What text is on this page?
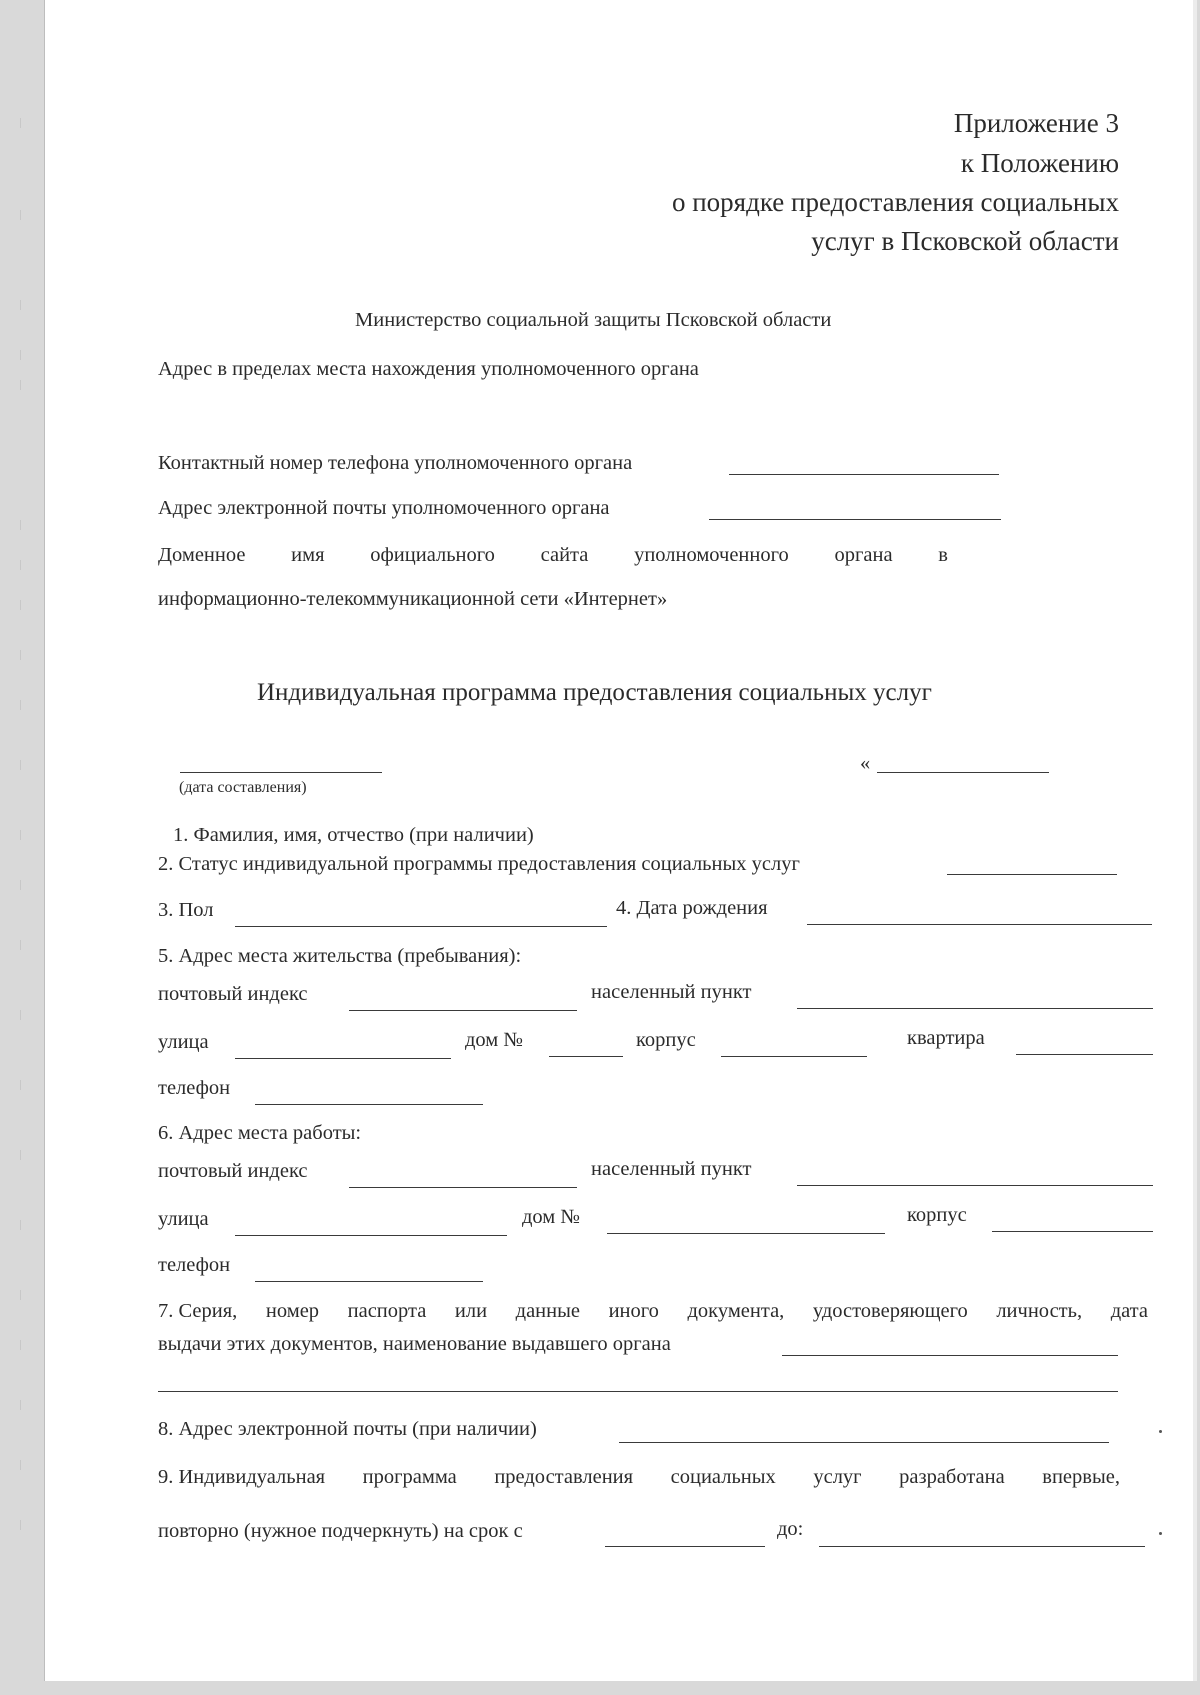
Приложение 3
к Положению
о порядке предоставления социальных
услуг в Псковской области
Министерство социальной защиты Псковской области
Адрес в пределах места нахождения уполномоченного органа
Контактный номер телефона уполномоченного органа
Адрес электронной почты уполномоченного органа
Доменное имя официального сайта уполномоченного органа в
информационно-телекоммуникационной сети «Интернет»
Индивидуальная программа предоставления социальных услуг
(дата составления)
«
1. Фамилия, имя, отчество (при наличии)
2. Статус индивидуальной программы предоставления социальных услуг
3. Пол	4. Дата рождения
5. Адрес места жительства (пребывания):
почтовый индекс	населенный пункт
улица	дом №	корпус	квартира
телефон
6. Адрес места работы:
почтовый индекс	населенный пункт
улица	дом №	корпус
телефон
7. Серия, номер паспорта или данные иного документа, удостоверяющего личность, дата
выдачи этих документов, наименование выдавшего органа
8. Адрес электронной почты (при наличии)
9. Индивидуальная программа предоставления социальных услуг разработана впервые,
повторно (нужное подчеркнуть) на срок с	до:
